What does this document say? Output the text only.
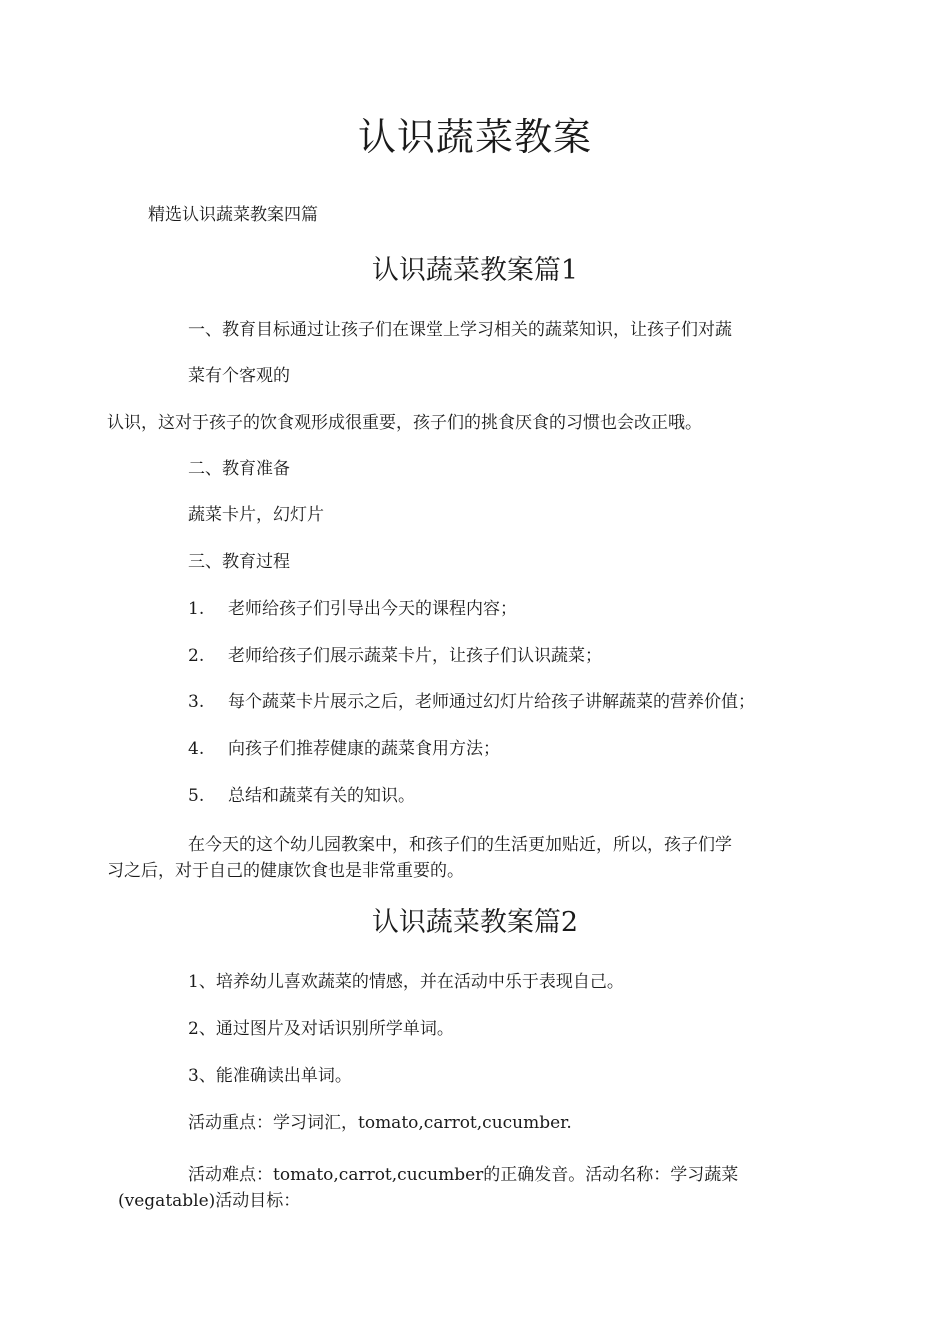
认识蔬菜教案
精选认识蔬菜教案四篇
认识蔬菜教案篇1
一、教育目标通过让孩子们在课堂上学习相关的蔬菜知识，让孩子们对蔬
菜有个客观的
认识，这对于孩子的饮食观形成很重要，孩子们的挑食厌食的习惯也会改正哦。
二、教育准备
蔬菜卡片，幻灯片
三、教育过程
1. 老师给孩子们引导出今天的课程内容；
2. 老师给孩子们展示蔬菜卡片，让孩子们认识蔬菜；
3. 每个蔬菜卡片展示之后，老师通过幻灯片给孩子讲解蔬菜的营养价值；
4. 向孩子们推荐健康的蔬菜食用方法；
5. 总结和蔬菜有关的知识。
在今天的这个幼儿园教案中，和孩子们的生活更加贴近，所以，孩子们学
习之后，对于自己的健康饮食也是非常重要的。
认识蔬菜教案篇2
1、培养幼儿喜欢蔬菜的情感，并在活动中乐于表现自己。
2、通过图片及对话识别所学单词。
3、能准确读出单词。
活动重点：学习词汇，tomato,carrot,cucumber.
活动难点：tomato,carrot,cucumber的正确发音。活动名称：学习蔬菜
(vegatable)活动目标：
